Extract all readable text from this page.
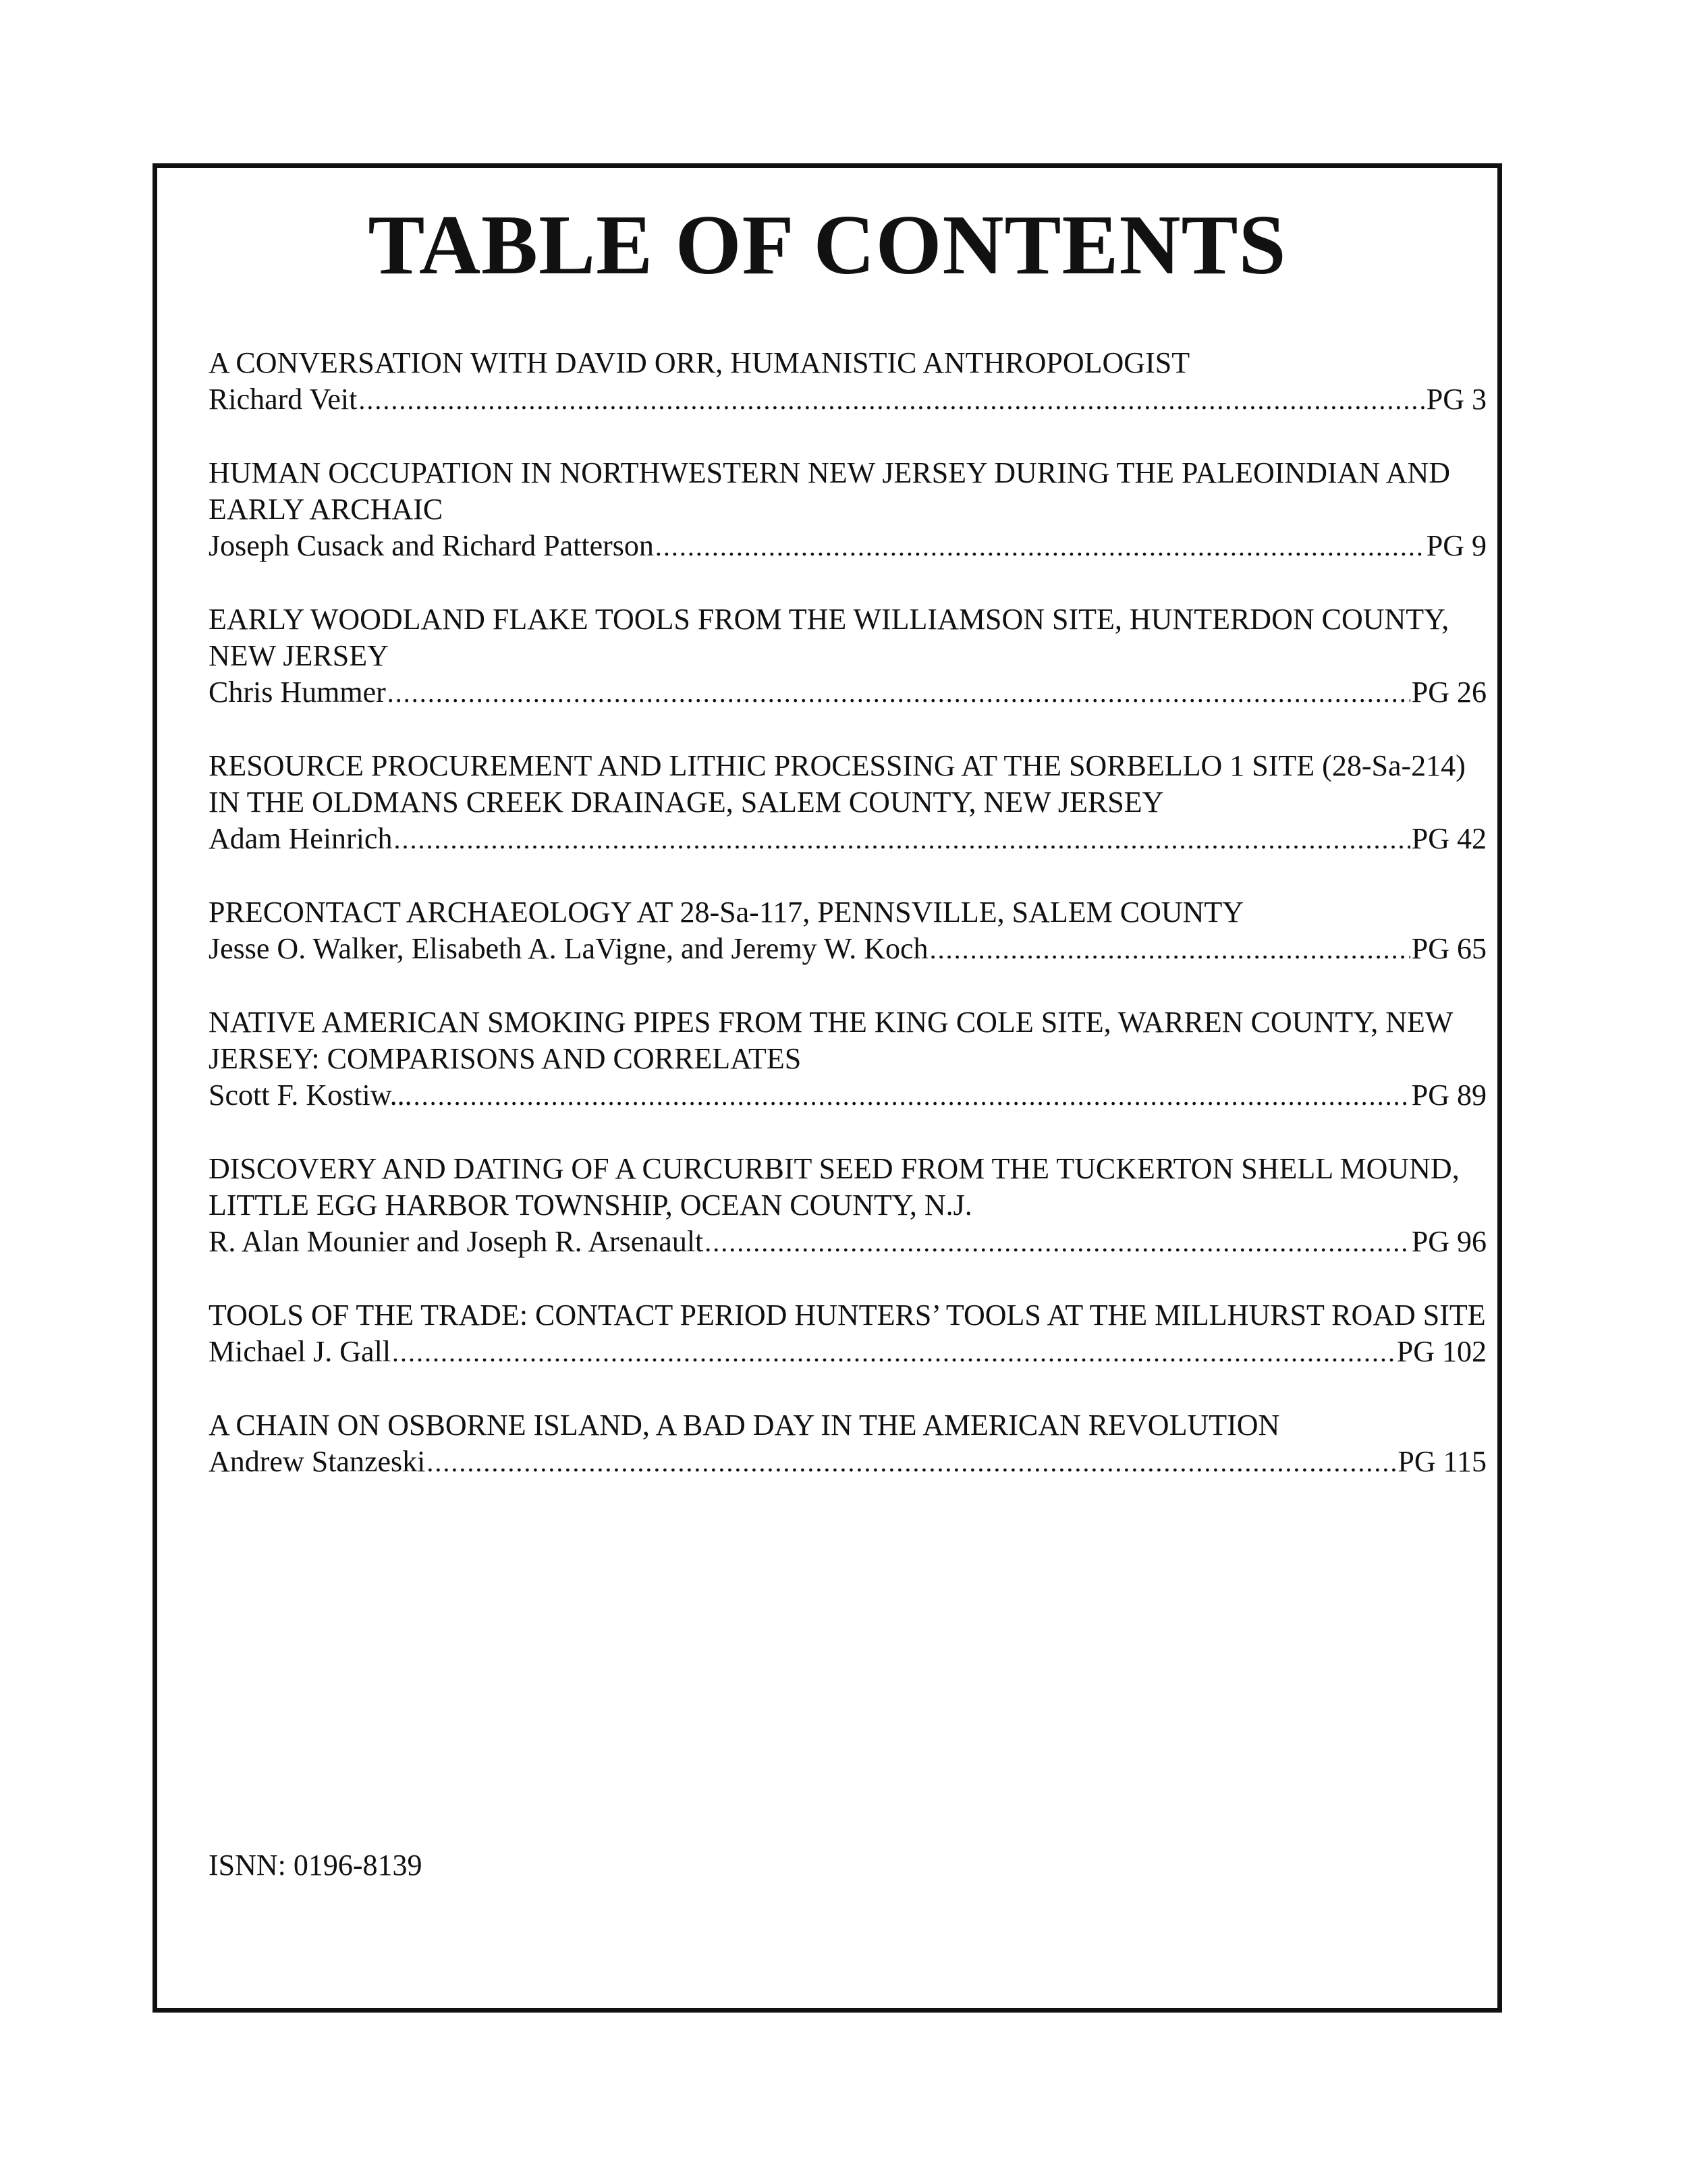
TABLE OF CONTENTS
A CONVERSATION WITH DAVID ORR, HUMANISTIC ANTHROPOLOGIST
Richard Veit .....	PG 3
HUMAN OCCUPATION IN NORTHWESTERN NEW JERSEY DURING THE PALEOINDIAN AND EARLY ARCHAIC
Joseph Cusack and Richard Patterson .....	PG 9
EARLY WOODLAND FLAKE TOOLS FROM THE WILLIAMSON SITE, HUNTERDON COUNTY, NEW JERSEY
Chris Hummer .....	PG 26
RESOURCE PROCUREMENT AND LITHIC PROCESSING AT THE SORBELLO 1 SITE (28-Sa-214) IN THE OLDMANS CREEK DRAINAGE, SALEM COUNTY, NEW JERSEY
Adam Heinrich .....	PG 42
PRECONTACT ARCHAEOLOGY AT 28-Sa-117, PENNSVILLE, SALEM COUNTY
Jesse O. Walker, Elisabeth A. LaVigne, and Jeremy W. Koch .....	PG 65
NATIVE AMERICAN SMOKING PIPES FROM THE KING COLE SITE, WARREN COUNTY, NEW JERSEY: COMPARISONS AND CORRELATES
Scott F. Kostiw... .....	PG 89
DISCOVERY AND DATING OF A CURCURBIT SEED FROM THE TUCKERTON SHELL MOUND, LITTLE EGG HARBOR TOWNSHIP, OCEAN COUNTY, N.J.
R. Alan Mounier and Joseph R. Arsenault .....	PG 96
TOOLS OF THE TRADE: CONTACT PERIOD HUNTERS’ TOOLS AT THE MILLHURST ROAD SITE
Michael J. Gall .....	PG 102
A CHAIN ON OSBORNE ISLAND, A BAD DAY IN THE AMERICAN REVOLUTION
Andrew Stanzeski .....	PG 115
ISNN: 0196-8139
